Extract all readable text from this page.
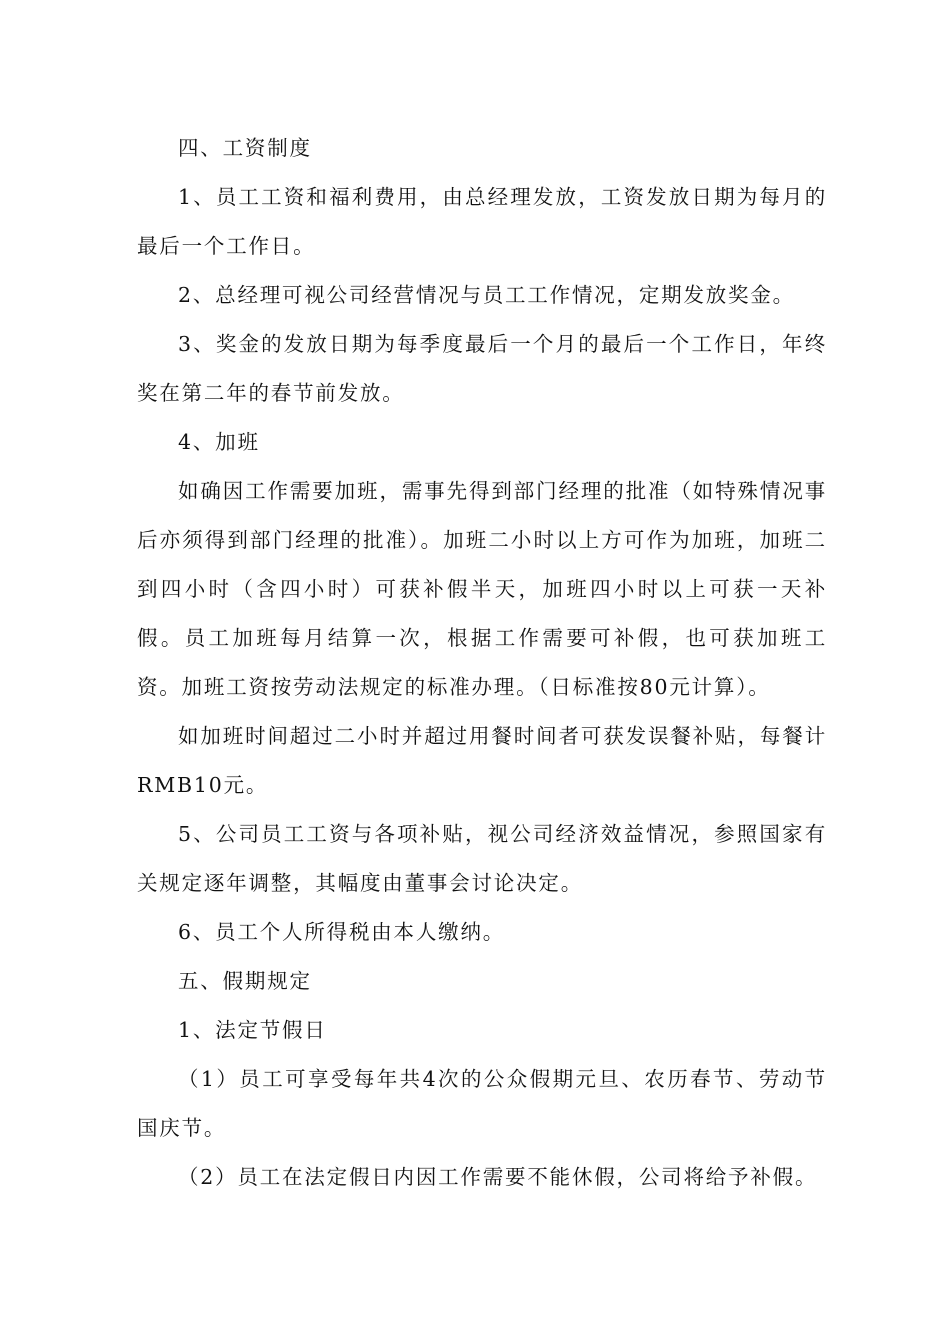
四、工资制度

1、员工工资和福利费用，由总经理发放，工资发放日期为每月的最后一个工作日。

2、总经理可视公司经营情况与员工工作情况，定期发放奖金。

3、奖金的发放日期为每季度最后一个月的最后一个工作日，年终奖在第二年的春节前发放。

4、加班

如确因工作需要加班，需事先得到部门经理的批准（如特殊情况事后亦须得到部门经理的批准）。加班二小时以上方可作为加班，加班二到四小时（含四小时）可获补假半天，加班四小时以上可获一天补假。员工加班每月结算一次，根据工作需要可补假，也可获加班工资。加班工资按劳动法规定的标准办理。（日标准按80元计算）。

如加班时间超过二小时并超过用餐时间者可获发误餐补贴，每餐计RMB10元。

5、公司员工工资与各项补贴，视公司经济效益情况，参照国家有关规定逐年调整，其幅度由董事会讨论决定。

6、员工个人所得税由本人缴纳。

五、假期规定

1、法定节假日

（1）员工可享受每年共4次的公众假期元旦、农历春节、劳动节国庆节。

（2）员工在法定假日内因工作需要不能休假，公司将给予补假。
